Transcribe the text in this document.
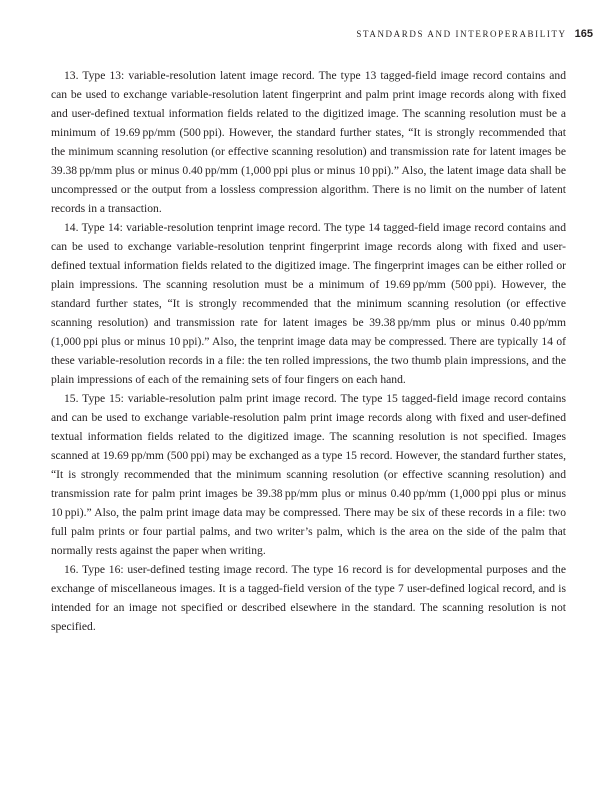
STANDARDS AND INTEROPERABILITY 165

13. Type 13: variable-resolution latent image record. The type 13 tagged-field image record contains and can be used to exchange variable-resolution latent fingerprint and palm print image records along with fixed and user-defined textual information fields related to the digitized image. The scanning resolution must be a minimum of 19.69 pp/mm (500 ppi). However, the standard further states, “It is strongly recommended that the minimum scanning resolution (or effective scanning resolution) and transmission rate for latent images be 39.38 pp/mm plus or minus 0.40 pp/mm (1,000 ppi plus or minus 10 ppi).” Also, the latent image data shall be uncompressed or the output from a lossless compression algorithm. There is no limit on the number of latent records in a transaction.

14. Type 14: variable-resolution tenprint image record. The type 14 tagged-field image record contains and can be used to exchange variable-resolution tenprint fingerprint image records along with fixed and user-defined textual information fields related to the digitized image. The fingerprint images can be either rolled or plain impressions. The scanning resolution must be a minimum of 19.69 pp/mm (500 ppi). However, the standard further states, “It is strongly recommended that the minimum scanning resolution (or effective scanning resolution) and transmission rate for latent images be 39.38 pp/mm plus or minus 0.40 pp/mm (1,000 ppi plus or minus 10 ppi).” Also, the tenprint image data may be compressed. There are typically 14 of these variable-resolution records in a file: the ten rolled impressions, the two thumb plain impressions, and the plain impressions of each of the remaining sets of four fingers on each hand.

15. Type 15: variable-resolution palm print image record. The type 15 tagged-field image record contains and can be used to exchange variable-resolution palm print image records along with fixed and user-defined textual information fields related to the digitized image. The scanning resolution is not specified. Images scanned at 19.69 pp/mm (500 ppi) may be exchanged as a type 15 record. However, the standard further states, “It is strongly recommended that the minimum scanning resolution (or effective scanning resolution) and transmission rate for palm print images be 39.38 pp/mm plus or minus 0.40 pp/mm (1,000 ppi plus or minus 10 ppi).” Also, the palm print image data may be compressed. There may be six of these records in a file: two full palm prints or four partial palms, and two writer’s palm, which is the area on the side of the palm that normally rests against the paper when writing.

16. Type 16: user-defined testing image record. The type 16 record is for developmental purposes and the exchange of miscellaneous images. It is a tagged-field version of the type 7 user-defined logical record, and is intended for an image not specified or described elsewhere in the standard. The scanning resolution is not specified.
